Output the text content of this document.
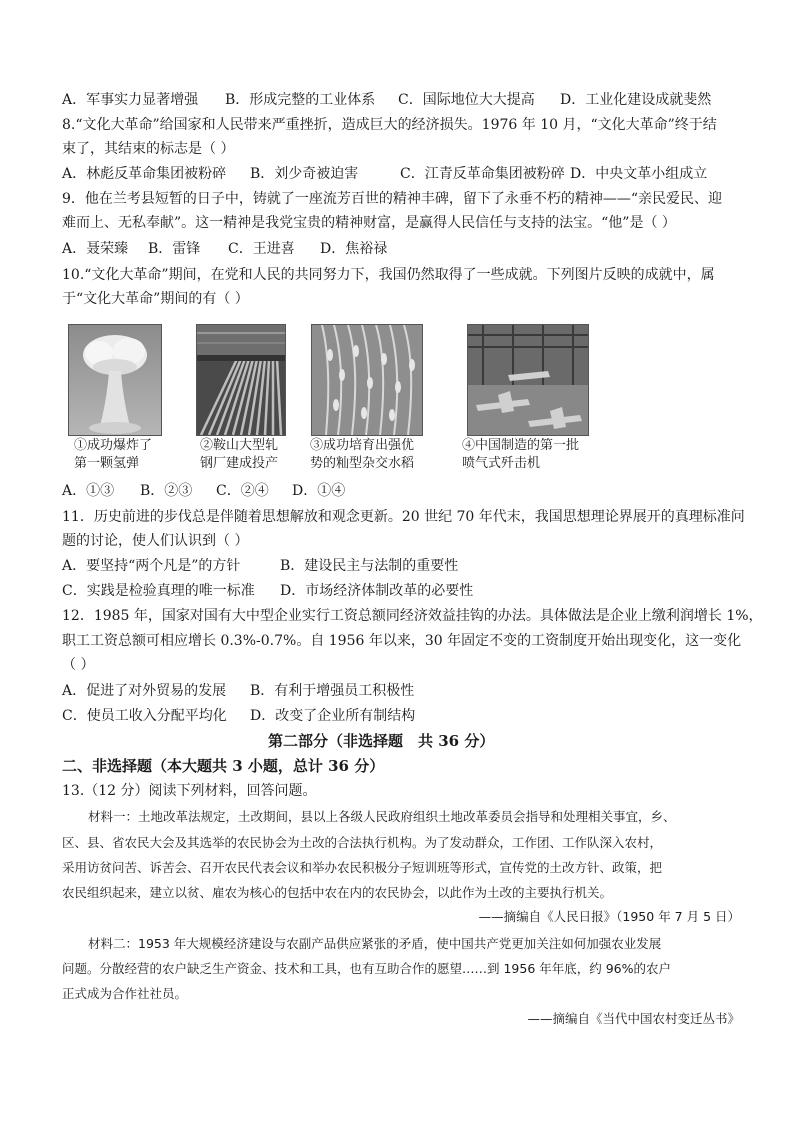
A．军事实力显著增强 B．形成完整的工业体系 C．国际地位大大提高 D．工业化建设成就斐然
8.“文化大革命”给国家和人民带来严重挫折，造成巨大的经济损失。1976 年 10 月，“文化大革命”终于结
束了，其结束的标志是（ ）
A．林彪反革命集团被粉碎 B．刘少奇被迫害	C．江青反革命集团被粉碎 D．中央文革小组成立
9．他在兰考县短暂的日子中，铸就了一座流芳百世的精神丰碑，留下了永垂不朽的精神——“亲民爱民、迎
难而上、无私奉献”。这一精神是我党宝贵的精神财富，是赢得人民信任与支持的法宝。“他”是（ ）
A．聂荣臻 B．雷锋 C．王进喜 D．焦裕禄
10.“文化大革命”期间，在党和人民的共同努力下，我国仍然取得了一些成就。下列图片反映的成就中，属
于“文化大革命”期间的有（ ）
①成功爆炸了
第一颗氢弹
②鞍山大型轧
钢厂建成投产
③成功培育出强优
势的籼型杂交水稻
④中国制造的第一批
喷气式歼击机
A．①③ B．②③ C．②④ D．①④
11．历史前进的步伐总是伴随着思想解放和观念更新。20 世纪 70 年代末，我国思想理论界展开的真理标准问
题的讨论，使人们认识到（ ）
A．要坚持“两个凡是”的方针	B．建设民主与法制的重要性
C．实践是检验真理的唯一标准 D．市场经济体制改革的必要性
12．1985 年，国家对国有大中型企业实行工资总额同经济效益挂钩的办法。具体做法是企业上缴利润增长 1%，
职工工资总额可相应增长 0.3%-0.7%。自 1956 年以来，30 年固定不变的工资制度开始出现变化，这一变化
（ ）
A．促进了对外贸易的发展 B．有利于增强员工积极性
C．使员工收入分配平均化 D．改变了企业所有制结构
第二部分（非选择题　共 36 分）
二、非选择题（本大题共 3 小题，总计 36 分）
13.（12 分）阅读下列材料，回答问题。
材料一：土地改革法规定，土改期间，县以上各级人民政府组织土地改革委员会指导和处理相关事宜，乡、
区、县、省农民大会及其选举的农民协会为土改的合法执行机构。为了发动群众，工作团、工作队深入农村，
采用访贫问苦、诉苦会、召开农民代表会议和举办农民积极分子短训班等形式，宣传党的土改方针、政策，把
农民组织起来，建立以贫、雇农为核心的包括中农在内的农民协会，以此作为土改的主要执行机关。
——摘编自《人民日报》（1950 年 7 月 5 日）
材料二：1953 年大规模经济建设与农副产品供应紧张的矛盾，使中国共产党更加关注如何加强农业发展
问题。分散经营的农户缺乏生产资金、技术和工具，也有互助合作的愿望……到 1956 年年底，约 96%的农户
正式成为合作社社员。
——摘编自《当代中国农村变迁丛书》
